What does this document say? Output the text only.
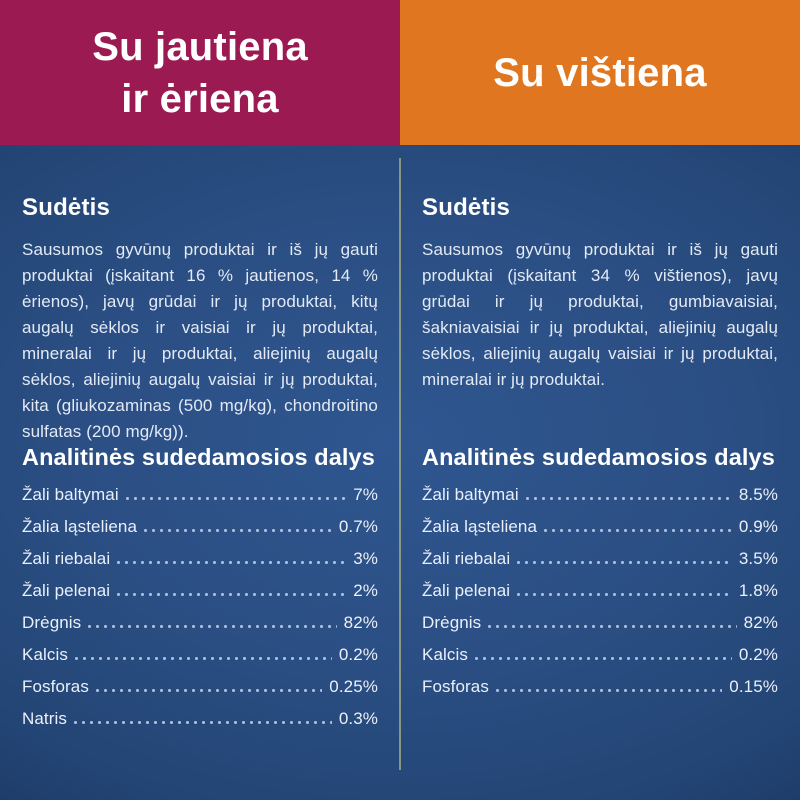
Su jautiena
ir ėriena
Su vištiena
Sudėtis

Sausumos gyvūnų produktai ir iš jų gauti produktai (įskaitant 16 % jautienos, 14 % ėrienos), javų grūdai ir jų produktai, kitų augalų sėklos ir vaisiai ir jų produktai, mineralai ir jų produktai, aliejinių augalų sėklos, aliejinių augalų vaisiai ir jų produktai, kita (gliukozaminas (500 mg/kg), chondroitino sulfatas (200 mg/kg)).

Analitinės sudedamosios dalys
Žali baltymai	7%
Žalia ląsteliena	0.7%
Žali riebalai	3%
Žali pelenai	2%
Drėgnis	82%
Kalcis	0.2%
Fosforas	0.25%
Natris	0.3%
Sudėtis

Sausumos gyvūnų produktai ir iš jų gauti produktai (įskaitant 34 % vištienos), javų grūdai ir jų produktai, gumbiavaisiai, šakniavaisiai ir jų produktai, aliejinių augalų sėklos, aliejinių augalų vaisiai ir jų produktai, mineralai ir jų produktai.

Analitinės sudedamosios dalys
Žali baltymai	8.5%
Žalia ląsteliena	0.9%
Žali riebalai	3.5%
Žali pelenai	1.8%
Drėgnis	82%
Kalcis	0.2%
Fosforas	0.15%
